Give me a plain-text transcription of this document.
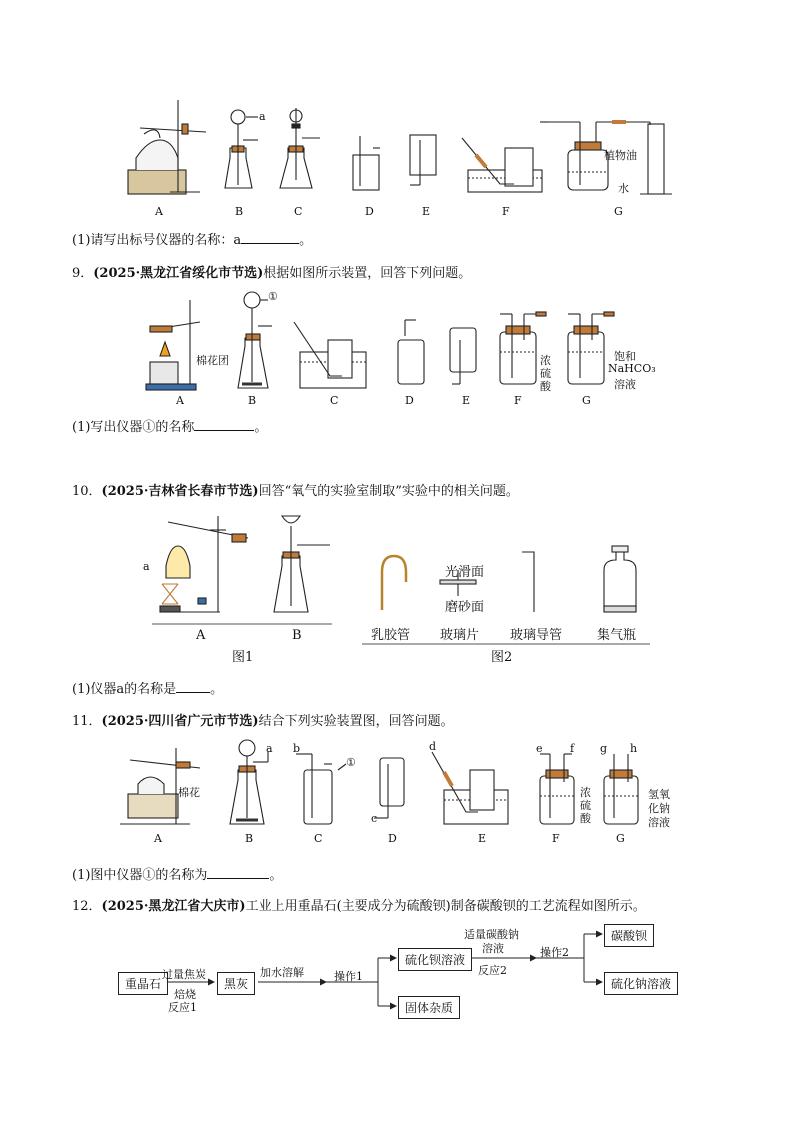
a
植物油
水
A	B	C	D	E	F	G
(1)请写出标号仪器的名称：a	。
9．(2025·黑龙江省绥化市节选)根据如图所示装置，回答下列问题。
①
棉花团	浓
硫
酸
饱和
NaHCO₃
溶液
A	B	C	D	E	F	G
(1)写出仪器①的名称	。
10．(2025·吉林省长春市节选)回答“氧气的实验室制取”实验中的相关问题。
a
A	B
光滑面
磨砂面
乳胶管 玻璃片 玻璃导管	集气瓶
图1	图2
(1)仪器a的名称是	。
11．(2025·四川省广元市节选)结合下列实验装置图，回答问题。
棉花
a b
c
d	e f g h
①
浓
硫
酸
氢氧
化钠
溶液
A	B	C	D	E	F	G
(1)图中仪器①的名称为	。
12．(2025·黑龙江省大庆市)工业上用重晶石(主要成分为硫酸钡)制备碳酸钡的工艺流程如图所示。
重晶石
过量焦炭
焙烧
反应1
黑灰
加水溶解	操作1
硫化钡溶液
固体杂质
适量碳酸钠
溶液
反应2
操作2
碳酸钡
硫化钠溶液
